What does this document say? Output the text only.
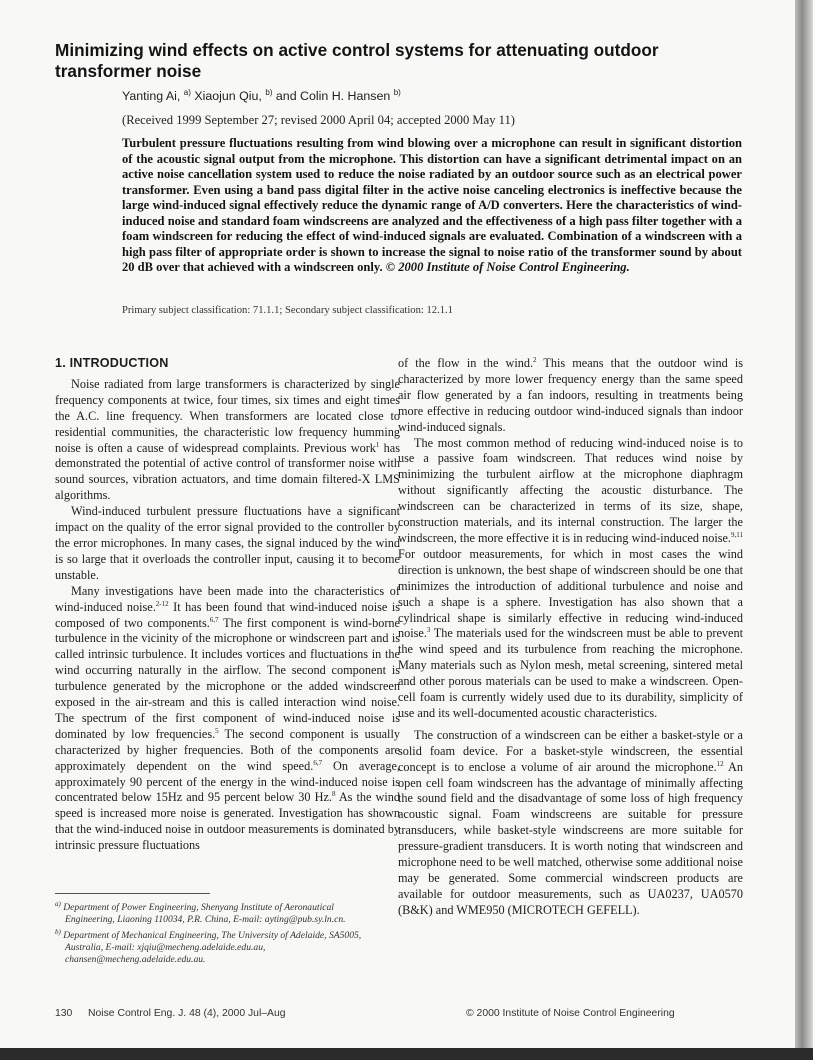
Minimizing wind effects on active control systems for attenuating outdoor transformer noise
Yanting Ai, $^{a)}$ Xiaojun Qiu, $^{b)}$ and Colin H. Hansen $^{b)}$
(Received 1999 September 27; revised 2000 April 04; accepted 2000 May 11)

Turbulent pressure fluctuations resulting from wind blowing over a microphone can result in significant distortion of the acoustic signal output from the microphone. This distortion can have a significant detrimental impact on an active noise cancellation system used to reduce the noise radiated by an outdoor source such as an electrical power transformer. Even using a band pass digital filter in the active noise canceling electronics is ineffective because the large wind-induced signal effectively reduce the dynamic range of A/D converters. Here the characteristics of wind-induced noise and standard foam windscreens are analyzed and the effectiveness of a high pass filter together with a foam windscreen for reducing the effect of wind-induced signals are evaluated. Combination of a windscreen with a high pass filter of appropriate order is shown to increase the signal to noise ratio of the transformer sound by about 20 dB over that achieved with a windscreen only. © 2000 Institute of Noise Control Engineering.

Primary subject classification: 71.1.1; Secondary subject classification: 12.1.1
1. INTRODUCTION

Noise radiated from large transformers is characterized by single frequency components at twice, four times, six times and eight times the A.C. line frequency. When transformers are located close to residential communities, the characteristic low frequency humming noise is often a cause of widespread complaints. Previous work$^1$ has demonstrated the potential of active control of transformer noise with sound sources, vibration actuators, and time domain filtered-X LMS algorithms.

Wind-induced turbulent pressure fluctuations have a significant impact on the quality of the error signal provided to the controller by the error microphones. In many cases, the signal induced by the wind is so large that it overloads the controller input, causing it to become unstable.

Many investigations have been made into the characteristics of wind-induced noise.$^{2-12}$ It has been found that wind-induced noise is composed of two components.$^{6,7}$ The first component is wind-borne turbulence in the vicinity of the microphone or windscreen part and is called intrinsic turbulence. It includes vortices and fluctuations in the wind occurring naturally in the airflow. The second component is turbulence generated by the microphone or the added windscreen exposed in the air-stream and this is called interaction wind noise. The spectrum of the first component of wind-induced noise is dominated by low frequencies.$^5$ The second component is usually characterized by higher frequencies. Both of the components are approximately dependent on the wind speed.$^{6,7}$ On average, approximately 90 percent of the energy in the wind-induced noise is concentrated below 15Hz and 95 percent below 30 Hz.$^8$ As the wind speed is increased more noise is generated. Investigation has shown that the wind-induced noise in outdoor measurements is dominated by intrinsic pressure fluctuations

of the flow in the wind.$^2$ This means that the outdoor wind is characterized by more lower frequency energy than the same speed air flow generated by a fan indoors, resulting in treatments being more effective in reducing outdoor wind-induced signals than indoor wind-induced signals.

The most common method of reducing wind-induced noise is to use a passive foam windscreen. That reduces wind noise by minimizing the turbulent airflow at the microphone diaphragm without significantly affecting the acoustic disturbance. The windscreen can be characterized in terms of its size, shape, construction materials, and its internal construction. The larger the windscreen, the more effective it is in reducing wind-induced noise.$^{9,11}$ For outdoor measurements, for which in most cases the wind direction is unknown, the best shape of windscreen should be one that minimizes the introduction of additional turbulence and noise and such a shape is a sphere. Investigation has also shown that a cylindrical shape is similarly effective in reducing wind-induced noise.$^3$ The materials used for the windscreen must be able to prevent the wind speed and its turbulence from reaching the microphone. Many materials such as Nylon mesh, metal screening, sintered metal and other porous materials can be used to make a windscreen. Open-cell foam is currently widely used due to its durability, simplicity of use and its well-documented acoustic characteristics.

The construction of a windscreen can be either a basket-style or a solid foam device. For a basket-style windscreen, the essential concept is to enclose a volume of air around the microphone.$^{12}$ An open cell foam windscreen has the advantage of minimally affecting the sound field and the disadvantage of some loss of high frequency acoustic signal. Foam windscreens are suitable for pressure transducers, while basket-style windscreens are more suitable for pressure-gradient transducers. It is worth noting that windscreen and microphone need to be well matched, otherwise some additional noise may be generated. Some commercial windscreen products are available for outdoor measurements, such as UA0237, UA0570 (B&K) and WME950 (MICROTECH GEFELL).

$^{a)}$ Department of Power Engineering, Shenyang Institute of Aeronautical Engineering, Liaoning 110034, P.R. China, E-mail: ayting@pub.sy.ln.cn.

$^{b)}$ Department of Mechanical Engineering, The University of Adelaide, SA5005, Australia, E-mail: xjqiu@mecheng.adelaide.edu.au, chansen@mecheng.adelaide.edu.au.

130 Noise Control Eng. J. 48 (4), 2000 Jul–Aug	© 2000 Institute of Noise Control Engineering
